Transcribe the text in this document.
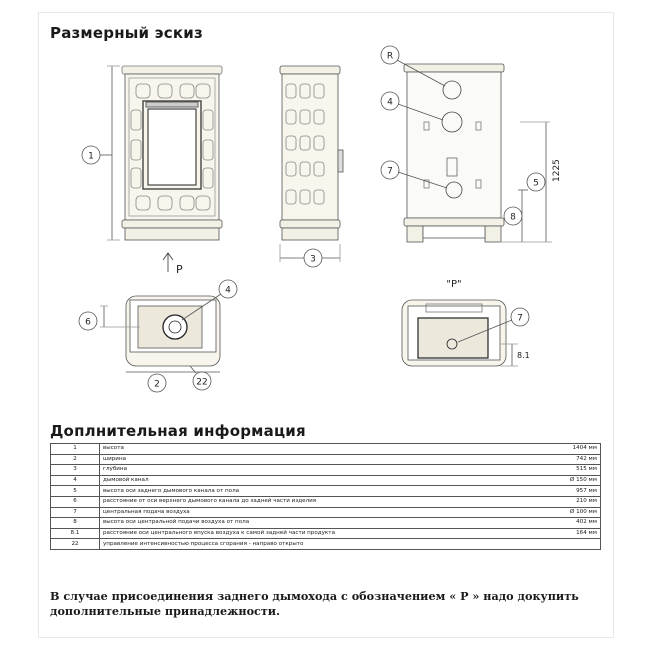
Размерный эскиз
1
3
R
4
7
5
8
6
4
2	22
7
8.1
P
"P"
1225
Доплнительная информация
1	высота	1404 мм
2	ширина	742 мм
3	глубина	515 мм
4	дымовой канал	Ø 150 мм
5	высота оси заднего дымового канала от пола	957 мм
6	расстояние от оси верхнего дымового канала до задней части изделия	210 мм
7	центральная подача воздуха	Ø 100 мм
8	высота оси центральной подачи воздуха от пола	402 мм
8.1	расстояние оси центрального впуска воздуха к самой задней части продукта	164 мм
22	управление интенсивностью процесса сгорания - направо открыто	
В случае присоединения заднего дымохода с обозначением « P » надо докупить дополнительные принадлежности.
